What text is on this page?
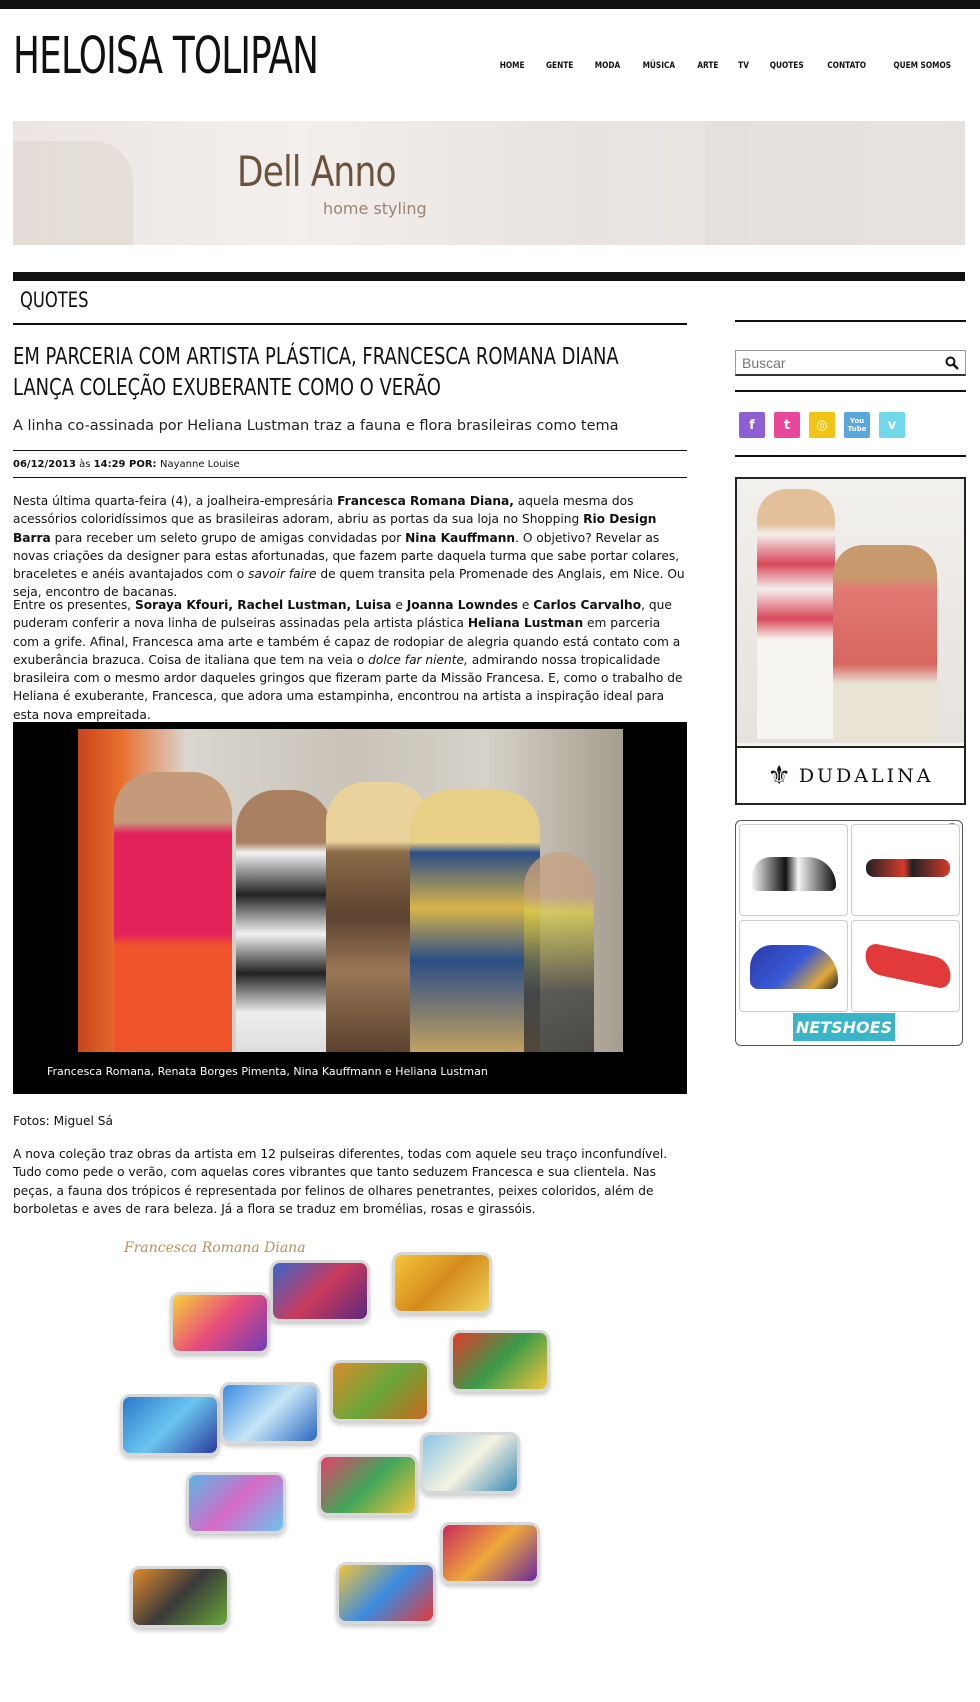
HELOISA TOLIPAN	HOME GENTE MODA MÚSICA ARTE TV QUOTES	CONTATO	QUEM SOMOS
Dell Anno
home styling
QUOTES
EM PARCERIA COM ARTISTA PLÁSTICA, FRANCESCA ROMANA DIANA LANÇA COLEÇÃO EXUBERANTE COMO O VERÃO
A linha co-assinada por Heliana Lustman traz a fauna e flora brasileiras como tema
06/12/2013 às 14:29 POR: Nayanne Louise

Nesta última quarta-feira (4), a joalheira-empresária Francesca Romana Diana, aquela mesma dos acessórios coloridíssimos que as brasileiras adoram, abriu as portas da sua loja no Shopping Rio Design Barra para receber um seleto grupo de amigas convidadas por Nina Kauffmann. O objetivo? Revelar as novas criações da designer para estas afortunadas, que fazem parte daquela turma que sabe portar colares, braceletes e anéis avantajados com o savoir faire de quem transita pela Promenade des Anglais, em Nice. Ou seja, encontro de bacanas.

Entre os presentes, Soraya Kfouri, Rachel Lustman, Luisa e Joanna Lowndes e Carlos Carvalho, que puderam conferir a nova linha de pulseiras assinadas pela artista plástica Heliana Lustman em parceria com a grife. Afinal, Francesca ama arte e também é capaz de rodopiar de alegria quando está contato com a exuberância brazuca. Coisa de italiana que tem na veia o dolce far niente, admirando nossa tropicalidade brasileira com o mesmo ardor daqueles gringos que fizeram parte da Missão Francesa. E, como o trabalho de Heliana é exuberante, Francesca, que adora uma estampinha, encontrou na artista a inspiração ideal para esta nova empreitada.

Francesca Romana, Renata Borges Pimenta, Nina Kauffmann e Heliana Lustman
Fotos: Miguel Sá

A nova coleção traz obras da artista em 12 pulseiras diferentes, todas com aquele seu traço inconfundível. Tudo como pede o verão, com aquelas cores vibrantes que tanto seduzem Francesca e sua clientela. Nas peças, a fauna dos trópicos é representada por felinos de olhares penetrantes, peixes coloridos, além de borboletas e aves de rara beleza. Já a flora se traduz em bromélias, rosas e girassóis.

Francesca Romana Diana
Buscar
f	t	◎	You
Tube	v
⚜ DUDALINA
NETSHOES
